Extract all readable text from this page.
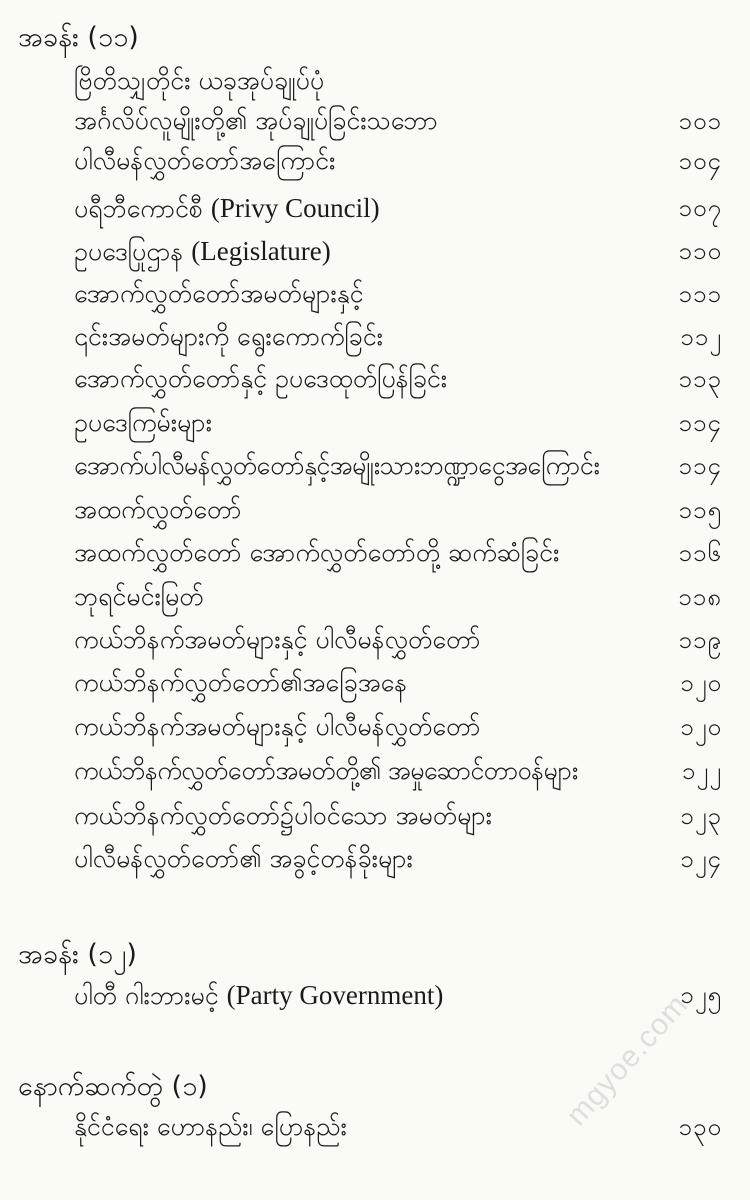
အခန်း (၁၁)
ဗြိတိသျှတိုင်း ယခုအုပ်ချုပ်ပုံ
အင်္ဂလိပ်လူမျိုးတို့၏ အုပ်ချုပ်ခြင်းသဘော	၁၀၁
ပါလီမန်လွှတ်တော်အကြောင်း	၁၀၄
ပရီဘီကောင်စီ (Privy Council)	၁၀၇
ဥပဒေပြုဌာန (Legislature)	၁၁၀
အောက်လွှတ်တော်အမတ်များနှင့်	၁၁၁
၎င်းအမတ်များကို ရွေးကောက်ခြင်း	၁၁၂
အောက်လွှတ်တော်နှင့် ဥပဒေထုတ်ပြန်ခြင်း	၁၁၃
ဥပဒေကြမ်းများ	၁၁၄
အောက်ပါလီမန်လွှတ်တော်နှင့်အမျိုးသားဘဏ္ဍာငွေအကြောင်း	၁၁၄
အထက်လွှတ်တော်	၁၁၅
အထက်လွှတ်တော် အောက်လွှတ်တော်တို့ ဆက်ဆံခြင်း	၁၁၆
ဘုရင်မင်းမြတ်	၁၁၈
ကယ်ဘိနက်အမတ်များနှင့် ပါလီမန်လွှတ်တော်	၁၁၉
ကယ်ဘိနက်လွှတ်တော်၏အခြေအနေ	၁၂၀
ကယ်ဘိနက်အမတ်များနှင့် ပါလီမန်လွှတ်တော်	၁၂၀
ကယ်ဘိနက်လွှတ်တော်အမတ်တို့၏ အမှုဆောင်တာဝန်များ	၁၂၂
ကယ်ဘိနက်လွှတ်တော်၌ပါဝင်သော အမတ်များ	၁၂၃
ပါလီမန်လွှတ်တော်၏ အခွင့်တန်ခိုးများ	၁၂၄
အခန်း (၁၂)
ပါတီ ဂါးဘားမင့် (Party Government)	၁၂၅
နောက်ဆက်တွဲ (၁)
နိုင်ငံရေး ဟောနည်း၊ ပြောနည်း	၁၃၀
mgyoe.com
